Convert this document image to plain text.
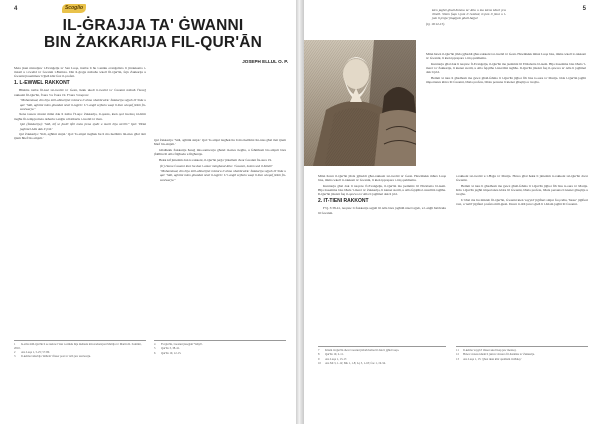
4	Scoglio
IL-ĠRAJJA TA' ĠWANNI
BIN ŻAKKARIJA FIL-QUR'ĀN
JOSEPH ELLUL O. P.

Meta jkun nistudjaw l-Evanġelju ta' San Luqa, insibu li hu l-uniku evanġelista li jirrakkonta t-tnissil u t-twelid ta' Ġwanni l-Battista. Din il-ġrajja nsibuha wkoll fil-Qur'ān, fejn Żakkarija u Ġwanni jissemmew b'ġieħ kbir fost il-profeti.

1. L-EWWEL RAKKONT

Bħalma nsibu fil-każ tat-twelid ta' Ġesù, hekk ukoll it-twelid ta' Ġwanni nsibuh f'żewġ rakkonti fil-Qur'ān, f'sura 3 u f'sura 19. F'sura 3 naqraw:

"Muħammad, din hija mill-aħbarijiet mistura li aħna nħabbrulek: Żakkarija sejjaħ lil Sidu u qal: 'Sidi, agħtini minn għandek nisel it-tajjeb'. U l-anġli sejħulu waqt li kien wieqaf jitlob fis-santwarju."

Xena tassew nisslet minn dak li nsibu f'Luqa: Żakkarija, il-qassis, kien qed iwettaq id-dmir tiegħu fit-tempju meta deherlu l-anġlu u ħabbarlu t-twelid ta' iben.

Qal (Żakkarija): 'Sidi, kif se jkolli tifel meta jiena xjaħt u marti hija sterili?' Qal: 'Hekk jagħmel Alla dak li jrid.'

Qal Żakkarija: 'Sidi, agħtini sinjal.' Qal: 'Is-sinjal tiegħek hu li ma tkellimx lin-nies għal tlett ijiem ħlief bis-sinjali.'	Qal Żakkarija: 'Sidi, agħtini sinjal.' Qal: 'Is-sinjal tiegħek hu li ma tkellimx lin-nies għal tlett ijiem ħlief bis-sinjali.'

Għalhekk Żakkarija ħareġ mis-santwarju għand in-nies tiegħu, u fehmhom bis-sinjali biex jfaħħru lil Alla filgħodu u filgħaxija.

Hekk kif jintemm dan ir-rakkont, il-Qur'ān jerġa' jitkellem dwar Ġwanni fis-sura 19.

(Ir) ċkunu Ġwanni kien ħa dan l-amar mingħand Alla: 'Ġwanni, żomm sod il-Ktieb!'

"Muħammad, din hija mill-aħbarijiet mistura li aħna nħabbrulek: Żakkarija sejjaħ lil Sidu u qal: 'Sidi, agħtini minn għandek nisel it-tajjeb'. U l-anġli sejħulu waqt li kien wieqaf jitlob fis-santwarju."

1 Is-silta mill-Qur'ān li se nużaw f'dan l-artiklu hija meħuda mit-traduzzjoni Maltija ta' Martin R. Zammit, 2010.
2 Ara Luqa 1, 5-25; 57-80.
3 Il-kelma Għarbija 'miħrab' tfisser post ta' talb jew santwarju.
4 Fi-Qur'ān, Ġwanni jissejjaħ 'Yaħyā'.
5 Qur'ān 3, 38-41.
6 Qur'ān 19, 12-15.
5

kien jagħti għall-ħniena ta' Alla u ma kienx kburi jew ribelli. Sliem fuqu l-jum li twieled, il-jum li jmut u l-jum li jerġa' jitqajjem għall-ħajja!

(Q. 19:12-15)

Minn hawn il-Qur'ān jibda jgħaddi għar-rakkont tat-twelid ta' Ġesù. Hawnhekk mhux Luqa biss, imma wkoll ir-rakkont ta' Ġwanni, li kien ipprepara t-triq quddiemu.

Kuntrarju għal dak li naqraw fl-Evanġelju, il-Qur'ān ma jsemmix lil Eliżabetta bl-isem. Hija tissemma biss bħala 'l-mara' ta' Żakkarija, li kienet sterili, u Alla fejqilha l-isterilità tagħha. Il-Qur'ān jinsisti fuq il-qawwa ta' Alla li jagħmel dak li jrid.

2. IT-TIENI RAKKONT

F'Q. 3:38-41, naqraw li Żakkarija sejjaħ lil Alla biex jagħtih nisel tajjeb, u l-anġli ħabbrulu lil Ġwanni.

Minn hawn il-Qur'ān jibda jgħaddi għar-rakkont tat-twelid ta' Ġesù. Hawnhekk mhux Luqa biss, imma wkoll ir-rakkont ta' Ġwanni, li kien ipprepara t-triq quddiemu.

Kuntrarju għal dak li naqraw fl-Evanġelju, il-Qur'ān ma jsemmix lil Eliżabetta bl-isem. Hija tissemma biss bħala 'l-mara' ta' Żakkarija, li kienet sterili, u Alla fejqilha l-isterilità tagħha. Il-Qur'ān jinsisti fuq il-qawwa ta' Alla li jagħmel dak li jrid.

Hemm xi nies li għadhom ma ġewx għall-fehma li l-Qur'ān jiġbor fih biss is-sura ta' Marija. Iżda l-Qur'ān jagħti importanza kbira lil Ġwanni, bħala profeta, bħala persuna li kienet għaqlija u twajba.

r-rakkont tat-twelid u l-Ħajja ta' Marija. Huwa għal hekk li jintemm ir-rakkont tal-Qur'ān dwar Ġwanni.

Hemm xi nies li għadhom ma ġewx għall-fehma li l-Qur'ān jiġbor fih biss is-sura ta' Marija. Iżda l-Qur'ān jagħti importanza kbira lil Ġwanni, bħala profeta, bħala persuna li kienet għaqlija u twajba.

U bħal ma hu miktub fil-Qur'ān, Ġwanni kien 'sayyid' jiġifieri sinjur fuq ruħu, 'ħasur' jiġifieri ċast, u 'nabī' jiġifieri profeta mill-ġusti. Dawn it-titli juru l-ġieħ li l-Islam jagħti lil Ġwanni.

7 Kliem il-Qur'ān dwar Ġwanni jixbaħ ħafna lil dak li jgħid Luqa.
8 Qur'ān 19, 2-11.
9 Ara Luqa 1, 13-17.
10 Ara Mt 3, 1-12; Mk 1, 1-8; Lq 3, 1-18; Ġw 1, 19-34.
11 Il-kelma 'sayyid' tfisser ukoll kap jew mexxej.
12 Huwa l-istess kliem li jużaw l-Insara fil-Kantiku ta' Żakkarija.
13 Ara Luqa 1, 15: 'għax ikun kbir quddiem il-Mulej.'
